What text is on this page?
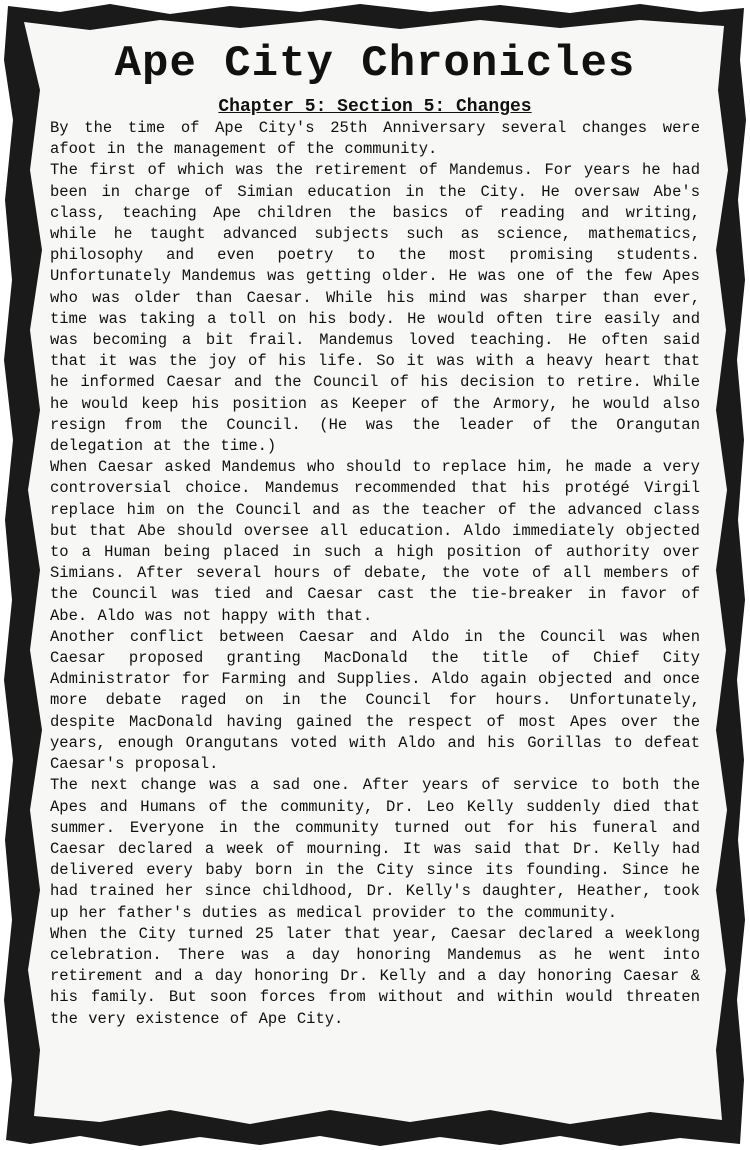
Ape City Chronicles
Chapter 5: Section 5: Changes

By the time of Ape City's 25th Anniversary several changes were afoot in the management of the community.

The first of which was the retirement of Mandemus. For years he had been in charge of Simian education in the City. He oversaw Abe's class, teaching Ape children the basics of reading and writing, while he taught advanced subjects such as science, mathematics, philosophy and even poetry to the most promising students. Unfortunately Mandemus was getting older. He was one of the few Apes who was older than Caesar. While his mind was sharper than ever, time was taking a toll on his body. He would often tire easily and was becoming a bit frail. Mandemus loved teaching. He often said that it was the joy of his life. So it was with a heavy heart that he informed Caesar and the Council of his decision to retire. While he would keep his position as Keeper of the Armory, he would also resign from the Council. (He was the leader of the Orangutan delegation at the time.)

When Caesar asked Mandemus who should to replace him, he made a very controversial choice. Mandemus recommended that his protégé Virgil replace him on the Council and as the teacher of the advanced class but that Abe should oversee all education. Aldo immediately objected to a Human being placed in such a high position of authority over Simians. After several hours of debate, the vote of all members of the Council was tied and Caesar cast the tie-breaker in favor of Abe. Aldo was not happy with that.

Another conflict between Caesar and Aldo in the Council was when Caesar proposed granting MacDonald the title of Chief City Administrator for Farming and Supplies. Aldo again objected and once more debate raged on in the Council for hours. Unfortunately, despite MacDonald having gained the respect of most Apes over the years, enough Orangutans voted with Aldo and his Gorillas to defeat Caesar's proposal.

The next change was a sad one. After years of service to both the Apes and Humans of the community, Dr. Leo Kelly suddenly died that summer. Everyone in the community turned out for his funeral and Caesar declared a week of mourning. It was said that Dr. Kelly had delivered every baby born in the City since its founding. Since he had trained her since childhood, Dr. Kelly's daughter, Heather, took up her father's duties as medical provider to the community.

When the City turned 25 later that year, Caesar declared a weeklong celebration. There was a day honoring Mandemus as he went into retirement and a day honoring Dr. Kelly and a day honoring Caesar & his family. But soon forces from without and within would threaten the very existence of Ape City.
